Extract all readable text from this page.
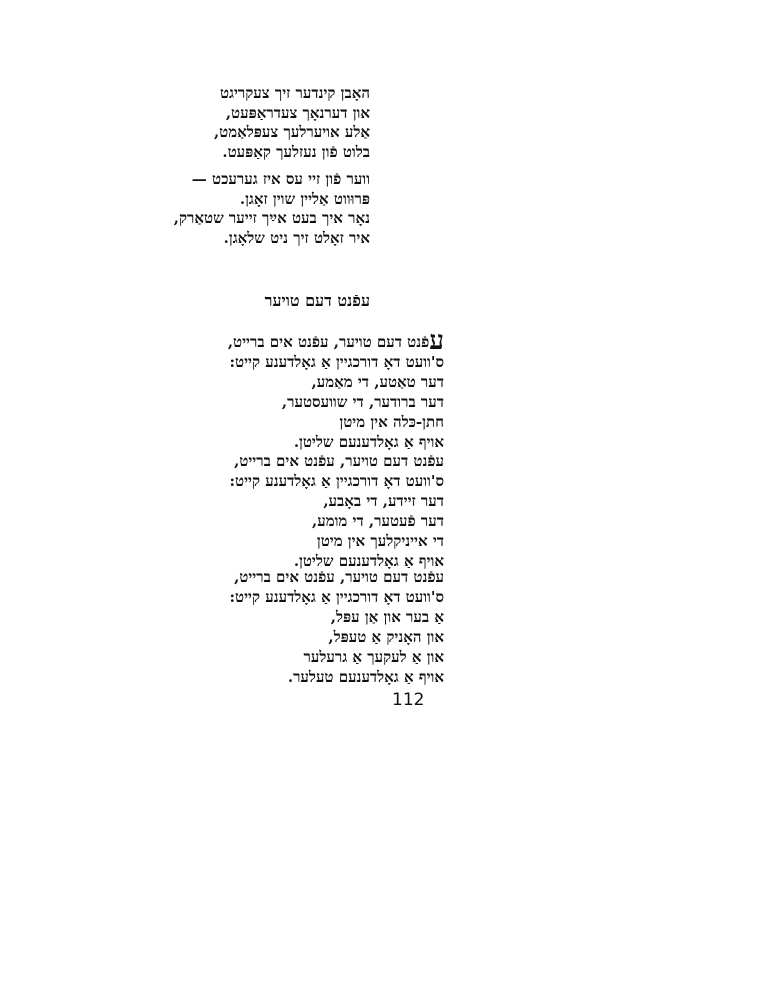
האָבן קינדער זיך צעקריגט
און דערנאָך צעדראַפּעט,
אַלע אויערלעך צעפּלאַמט,
בלוט פֿון נעזלעך קאַפּעט.
ווער פֿון זיי עס איז גערעכט —
פּרוּווט אַליין שוין זאָגן.
נאָר איך בעט אײַך זייער שטאַרק,
איר זאָלט זיך ניט שלאָגן.
עפֿנט דעם טויער
עפֿנט דעם טויער, עפֿנט אים ברייט,
ס'וועט דאָ דורכגיין אַ גאָלדענע קייט:
דער טאַטע, די מאַמע,
דער ברודער, די שוועסטער,
חתן-כּלה אין מיטן
אויף אַ גאָלדענעם שליטן.
עפֿנט דעם טויער, עפֿנט אים ברייט,
ס'וועט דאָ דורכגיין אַ גאָלדענע קייט:
דער זיידע, די באָבע,
דער פֿעטער, די מומע,
די אייניקלעך אין מיטן
אויף אַ גאָלדענעם שליטן.
עפֿנט דעם טויער, עפֿנט אים ברייט,
ס'וועט דאָ דורכגיין אַ גאָלדענע קייט:
אַ בער און אַן עפּל,
און האָניק אַ טעפּל,
און אַ לעקעך אַ גרעלער
אויף אַ גאָלדענעם טעלער.
112
